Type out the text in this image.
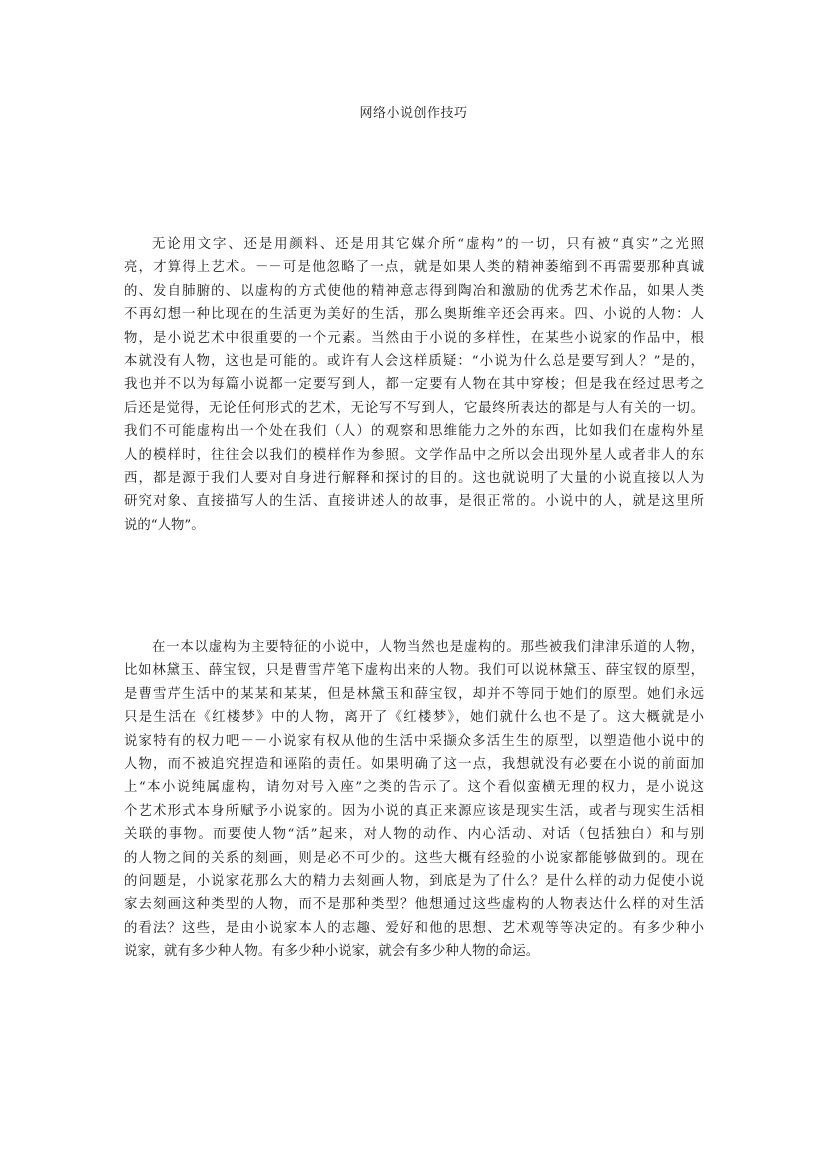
网络小说创作技巧
无论用文字、还是用颜料、还是用其它媒介所“虚构”的一切，只有被“真实”之光照
亮，才算得上艺术。－－可是他忽略了一点，就是如果人类的精神萎缩到不再需要那种真诚
的、发自肺腑的、以虚构的方式使他的精神意志得到陶冶和激励的优秀艺术作品，如果人类
不再幻想一种比现在的生活更为美好的生活，那么奥斯维辛还会再来。四、小说的人物：人
物，是小说艺术中很重要的一个元素。当然由于小说的多样性，在某些小说家的作品中，根
本就没有人物，这也是可能的。或许有人会这样质疑：“小说为什么总是要写到人？”是的，
我也并不以为每篇小说都一定要写到人，都一定要有人物在其中穿梭；但是我在经过思考之
后还是觉得，无论任何形式的艺术，无论写不写到人，它最终所表达的都是与人有关的一切。
我们不可能虚构出一个处在我们（人）的观察和思维能力之外的东西，比如我们在虚构外星
人的模样时，往往会以我们的模样作为参照。文学作品中之所以会出现外星人或者非人的东
西，都是源于我们人要对自身进行解释和探讨的目的。这也就说明了大量的小说直接以人为
研究对象、直接描写人的生活、直接讲述人的故事，是很正常的。小说中的人，就是这里所
说的“人物”。
在一本以虚构为主要特征的小说中，人物当然也是虚构的。那些被我们津津乐道的人物，
比如林黛玉、薛宝钗，只是曹雪芹笔下虚构出来的人物。我们可以说林黛玉、薛宝钗的原型，
是曹雪芹生活中的某某和某某，但是林黛玉和薛宝钗，却并不等同于她们的原型。她们永远
只是生活在《红楼梦》中的人物，离开了《红楼梦》，她们就什么也不是了。这大概就是小
说家特有的权力吧－－小说家有权从他的生活中采撷众多活生生的原型，以塑造他小说中的
人物，而不被追究捏造和诬陷的责任。如果明确了这一点，我想就没有必要在小说的前面加
上“本小说纯属虚构，请勿对号入座”之类的告示了。这个看似蛮横无理的权力，是小说这
个艺术形式本身所赋予小说家的。因为小说的真正来源应该是现实生活，或者与现实生活相
关联的事物。而要使人物“活”起来，对人物的动作、内心活动、对话（包括独白）和与别
的人物之间的关系的刻画，则是必不可少的。这些大概有经验的小说家都能够做到的。现在
的问题是，小说家花那么大的精力去刻画人物，到底是为了什么？是什么样的动力促使小说
家去刻画这种类型的人物，而不是那种类型？他想通过这些虚构的人物表达什么样的对生活
的看法？这些，是由小说家本人的志趣、爱好和他的思想、艺术观等等决定的。有多少种小
说家，就有多少种人物。有多少种小说家，就会有多少种人物的命运。
